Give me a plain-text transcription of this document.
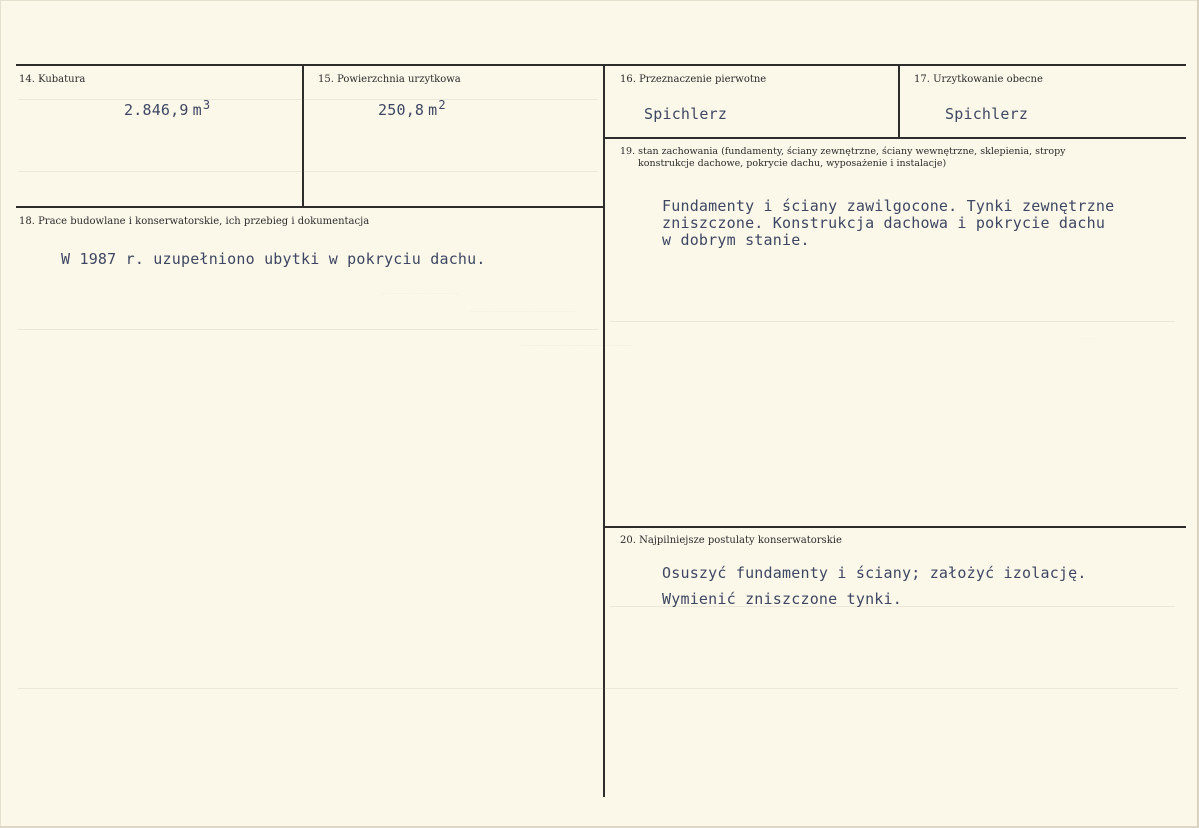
..........................................
........................................................
...........................................................
........
14. Kubatura
2.846,9 $m^3$
15. Powierzchnia urzytkowa
250,8 $m^2$
16. Przeznaczenie pierwotne
Spichlerz
17. Urzytkowanie obecne
Spichlerz
19. stan zachowania (fundamenty, ściany zewnętrzne, ściany wewnętrzne, sklepienia, stropy
konstrukcje dachowe, pokrycie dachu, wyposażenie i instalacje)
Fundamenty i ściany zawilgocone. Tynki zewnętrzne
zniszczone. Konstrukcja dachowa i pokrycie dachu
w dobrym stanie.
18. Prace budowlane i konserwatorskie, ich przebieg i dokumentacja
W 1987 r. uzupełniono ubytki w pokryciu dachu.
20. Najpilniejsze postulaty konserwatorskie
Osuszyć fundamenty i ściany; założyć izolację.
Wymienić zniszczone tynki.
